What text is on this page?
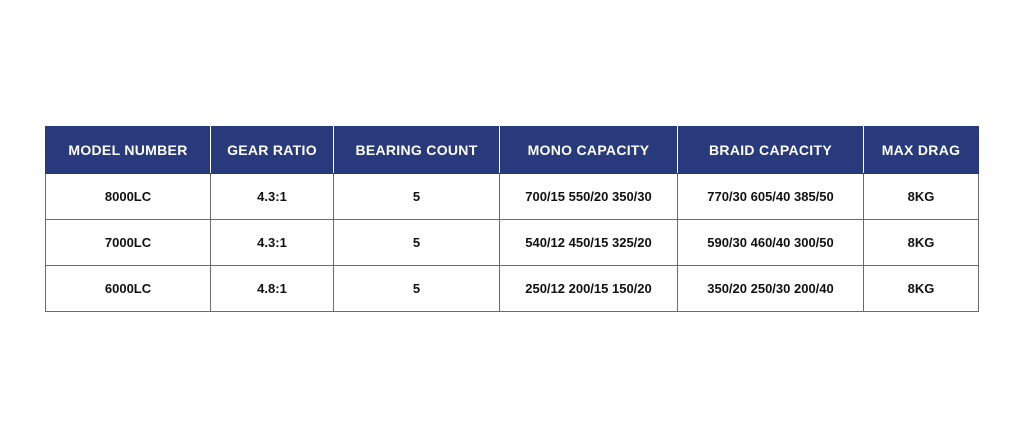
MODEL NUMBER	GEAR RATIO	BEARING COUNT	MONO CAPACITY	BRAID CAPACITY	MAX DRAG
8000LC	4.3:1	5	700/15 550/20 350/30	770/30 605/40 385/50	8KG
7000LC	4.3:1	5	540/12 450/15 325/20	590/30 460/40 300/50	8KG
6000LC	4.8:1	5	250/12 200/15 150/20	350/20 250/30 200/40	8KG
